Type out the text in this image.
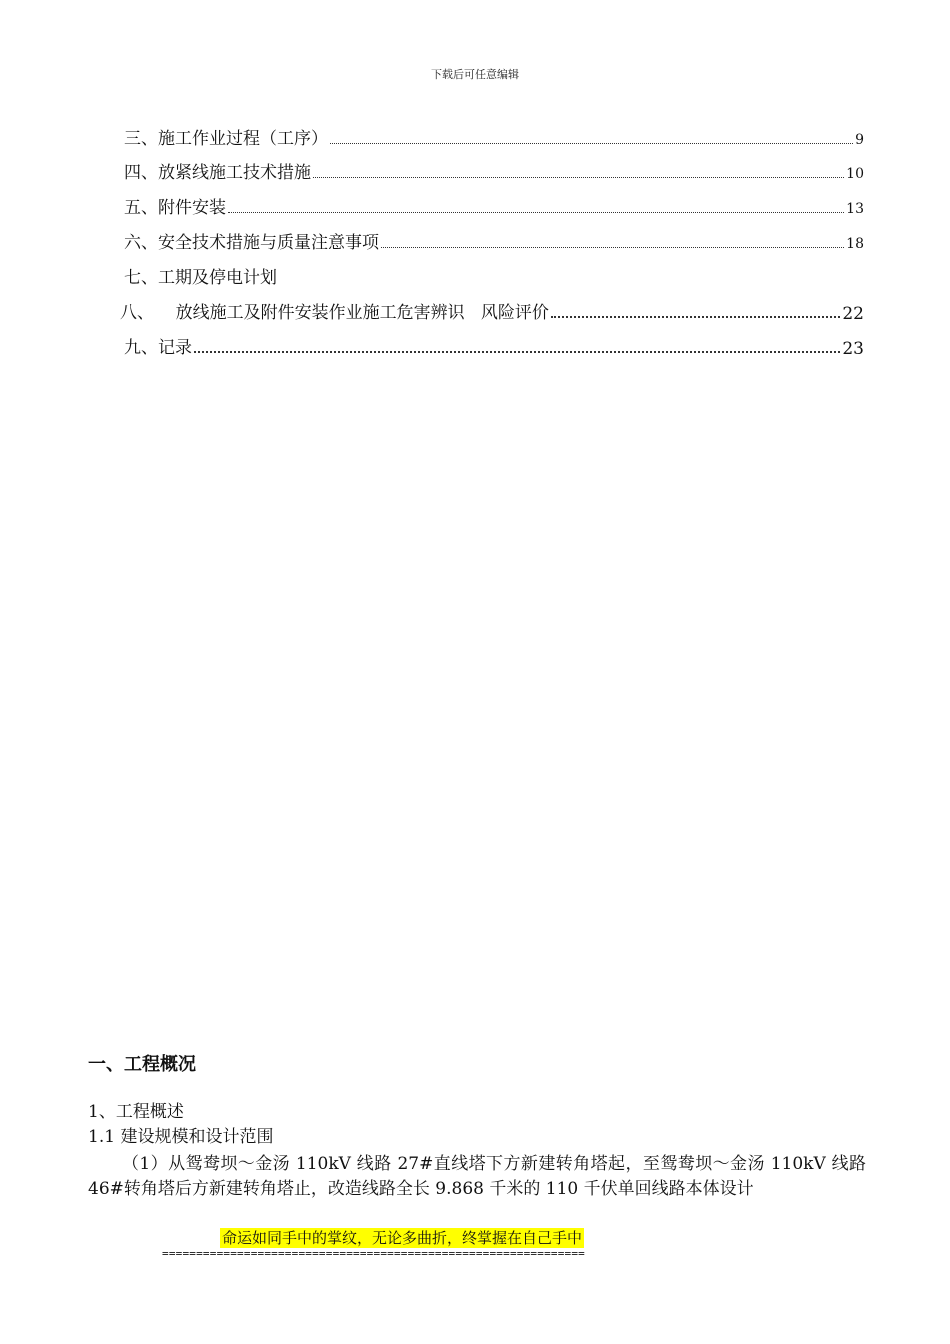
下载后可任意编辑
三、施工作业过程（工序）	9
四、放紧线施工技术措施	10
五、附件安装	13
六、安全技术措施与质量注意事项	18
七、工期及停电计划
八、    放线施工及附件安装作业施工危害辨识   风险评价	22
九、记录	23
一、工程概况
1、工程概述
1.1 建设规模和设计范围
（1）从鸳鸯坝～金汤 110kV 线路 27#直线塔下方新建转角塔起，至鸳鸯坝～金汤 110kV 线路 46#转角塔后方新建转角塔止，改造线路全长 9.868 千米的 110 千伏单回线路本体设计
命运如同手中的掌纹，无论多曲折，终掌握在自己手中
==============================================================
